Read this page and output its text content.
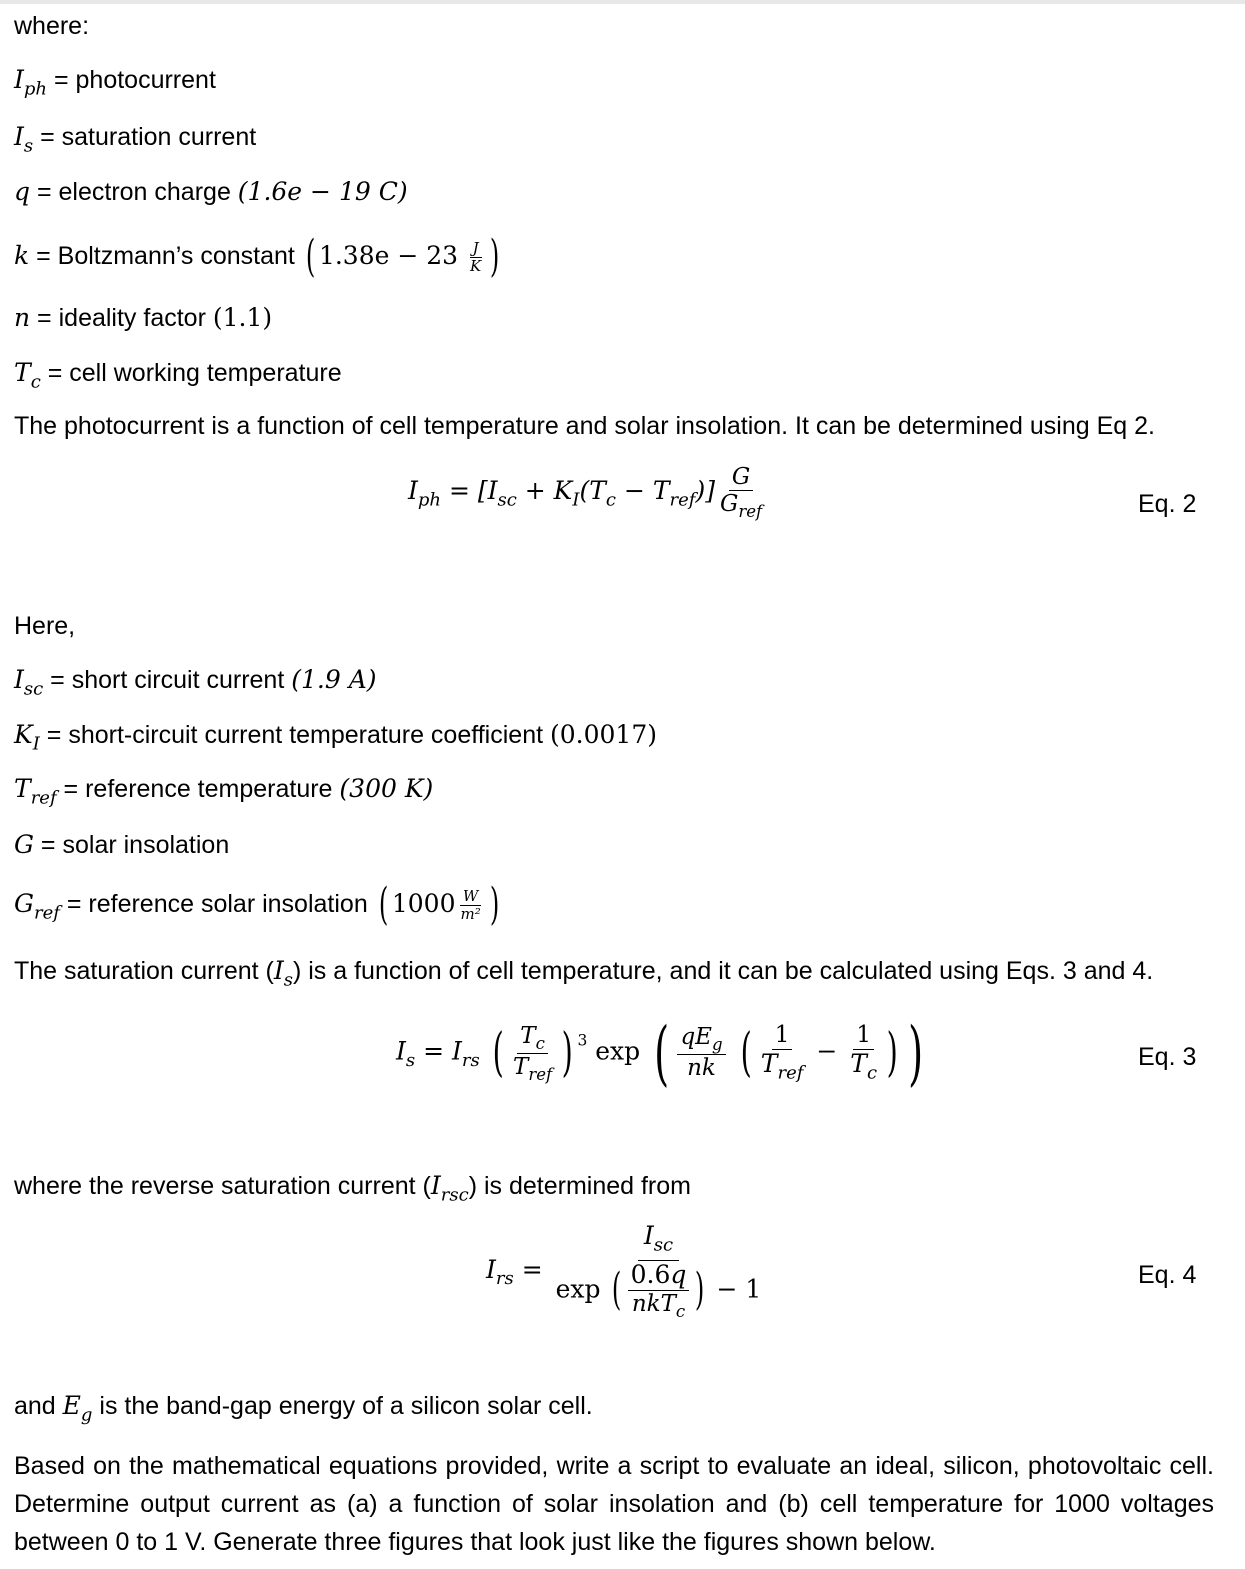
where:
$I_{ph}$ = photocurrent
$I_s$ = saturation current
q = electron charge (1.6e − 19 C)
k = Boltzmann’s constant ( $1.38e - 23 \frac{J}{K}$ )
n = ideality factor (1.1)
$T_c$ = cell working temperature
The photocurrent is a function of cell temperature and solar insolation. It can be determined using Eq 2.
$I_{ph} = [I_{sc} + K_I(T_c - T_{ref})] \frac{G}{G_{ref}}$	Eq. 2
Here,
$I_{sc}$ = short circuit current (1.9 A)
$K_I$ = short-circuit current temperature coefficient (0.0017)
$T_{ref}$ = reference temperature (300 K)
G = solar insolation
$G_{ref}$ = reference solar insolation ( $1000 \frac{W}{\text{m²}}$ )
The saturation current $(I_s)$ is a function of cell temperature, and it can be calculated using Eqs. 3 and 4.
$I_s = I_{rs}$ ( $\frac{T_c}{T_{ref}}$ ) $^3$ exp ( $\frac{qE_g}{nk}$ ( $\frac{1}{T_{ref}} - \frac{1}{T_c}$ ) )	Eq. 3
where the reverse saturation current $(I_{rsc})$ is determined from
$I_{rs} = \frac{I_{sc}}{\exp ( \frac{0.6q}{nkT_c} ) - 1}$	Eq. 4
and $E_g$ is the band-gap energy of a silicon solar cell.
Based on the mathematical equations provided, write a script to evaluate an ideal, silicon, photovoltaic cell. Determine output current as (a) a function of solar insolation and (b) cell temperature for 1000 voltages between 0 to 1 V. Generate three figures that look just like the figures shown below.
